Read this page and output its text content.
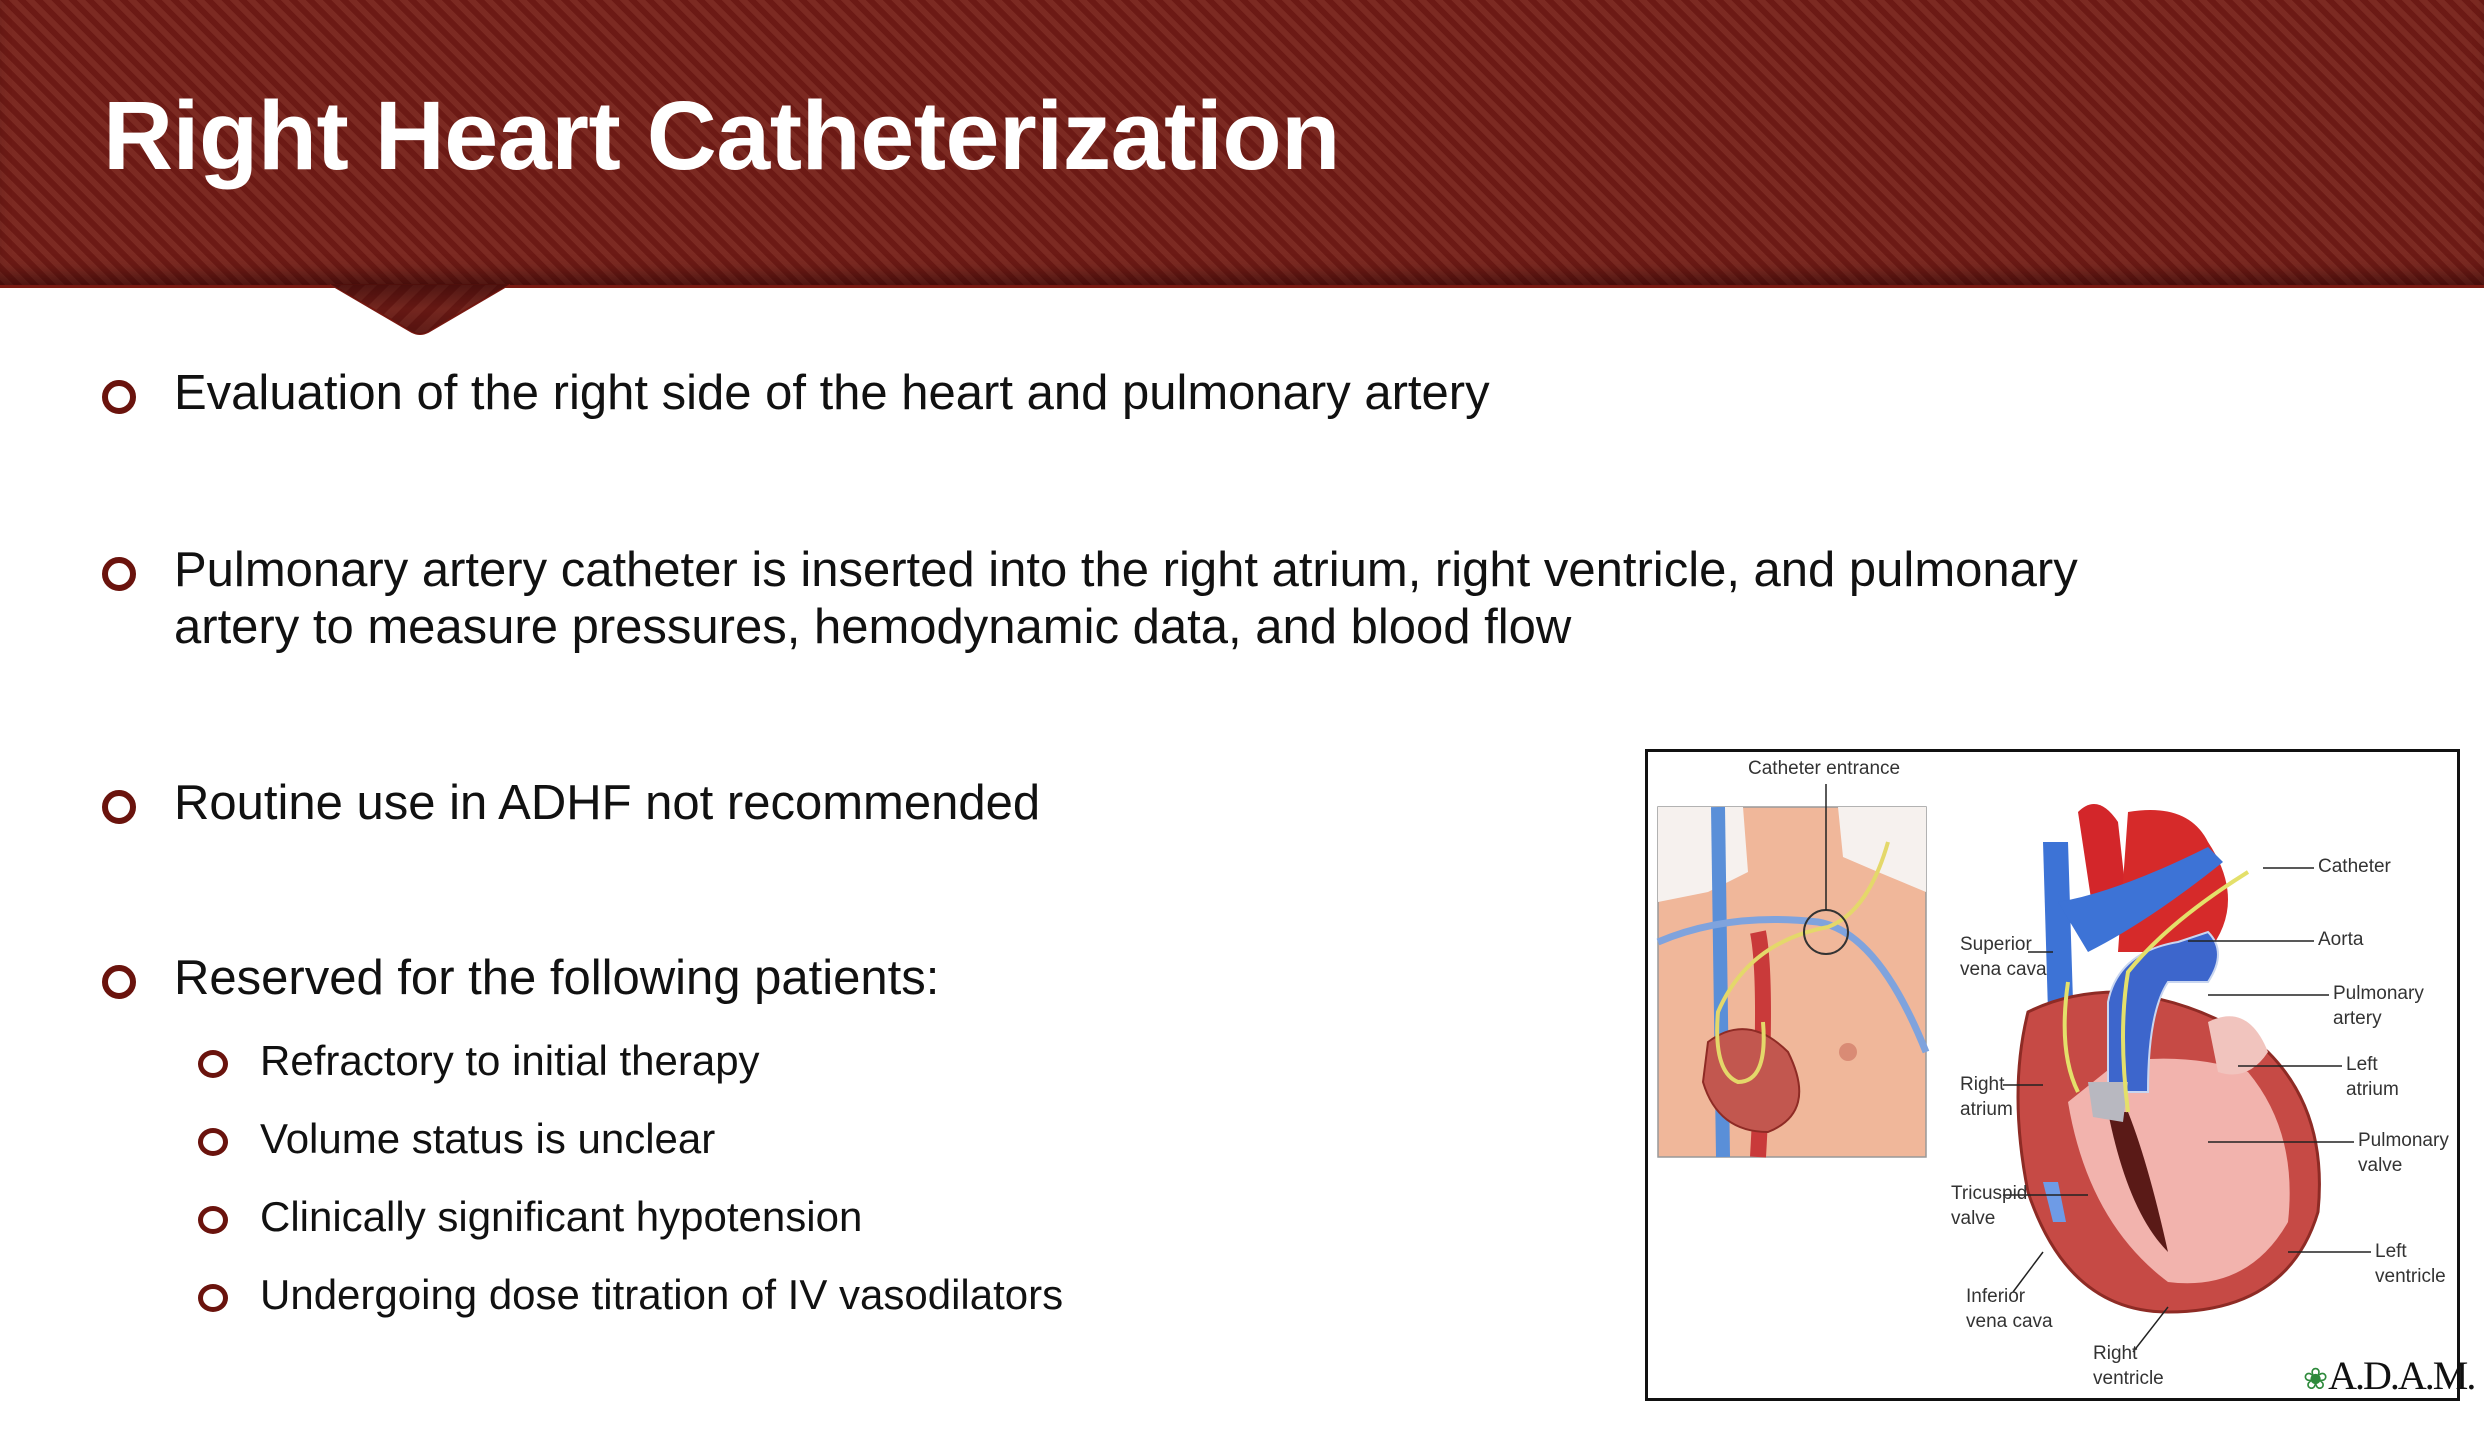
Right Heart Catheterization
Evaluation of the right side of the heart and pulmonary artery
Pulmonary artery catheter is inserted into the right atrium, right ventricle, and pulmonary
artery to measure pressures, hemodynamic data, and blood flow
Routine use in ADHF not recommended
Reserved for the following patients:
Refractory to initial therapy
Volume status is unclear
Clinically significant hypotension
Undergoing dose titration of IV vasodilators
Catheter entrance
Catheter
Aorta
Superior
vena cava
Pulmonary
artery
Left
atrium
Right
atrium
Pulmonary
valve
Tricuspid
valve
Left
ventricle
Inferior
vena cava
Right
ventricle	❀A.D.A.M.
